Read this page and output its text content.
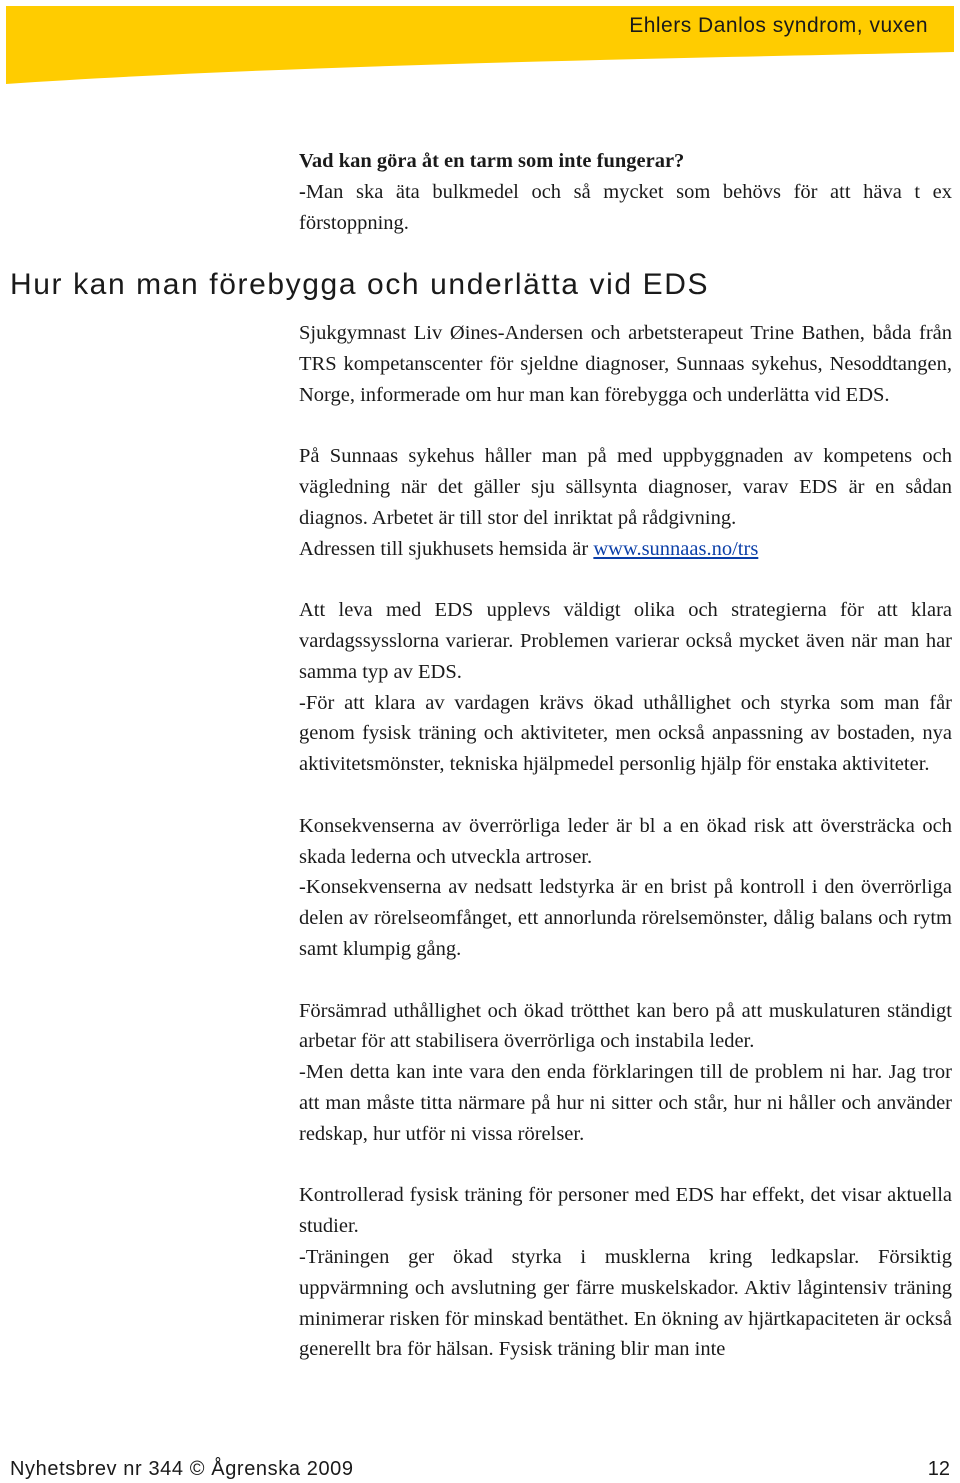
Ehlers Danlos syndrom, vuxen

Vad kan göra åt en tarm som inte fungerar?

-Man ska äta bulkmedel och så mycket som behövs för att häva t ex förstoppning.

Hur kan man förebygga och underlätta vid EDS

Sjukgymnast Liv Øines-Andersen och arbetsterapeut Trine Bathen, båda från TRS kompetanscenter för sjeldne diagnoser, Sunnaas sykehus, Nesoddtangen, Norge, informerade om hur man kan förebygga och underlätta vid EDS.

På Sunnaas sykehus håller man på med uppbyggnaden av kompetens och vägledning när det gäller sju sällsynta diagnoser, varav EDS är en sådan diagnos. Arbetet är till stor del inriktat på rådgivning.

Adressen till sjukhusets hemsida är www.sunnaas.no/trs

Att leva med EDS upplevs väldigt olika och strategierna för att klara vardagssysslorna varierar. Problemen varierar också mycket även när man har samma typ av EDS.

-För att klara av vardagen krävs ökad uthållighet och styrka som man får genom fysisk träning och aktiviteter, men också anpassning av bostaden, nya aktivitetsmönster, tekniska hjälpmedel personlig hjälp för enstaka aktiviteter.

Konsekvenserna av överrörliga leder är bl a en ökad risk att översträcka och skada lederna och utveckla artroser.

-Konsekvenserna av nedsatt ledstyrka är en brist på kontroll i den överrörliga delen av rörelseomfånget, ett annorlunda rörelsemönster, dålig balans och rytm samt klumpig gång.

Försämrad uthållighet och ökad trötthet kan bero på att muskulaturen ständigt arbetar för att stabilisera överrörliga och instabila leder.

-Men detta kan inte vara den enda förklaringen till de problem ni har. Jag tror att man måste titta närmare på hur ni sitter och står, hur ni håller och använder redskap, hur utför ni vissa rörelser.

Kontrollerad fysisk träning för personer med EDS har effekt, det visar aktuella studier.

-Träningen ger ökad styrka i musklerna kring ledkapslar. Försiktig uppvärmning och avslutning ger färre muskelskador. Aktiv lågintensiv träning minimerar risken för minskad bentäthet. En ökning av hjärtkapaciteten är också generellt bra för hälsan. Fysisk träning blir man inte

Nyhetsbrev nr 344 © Ågrenska 2009	12
